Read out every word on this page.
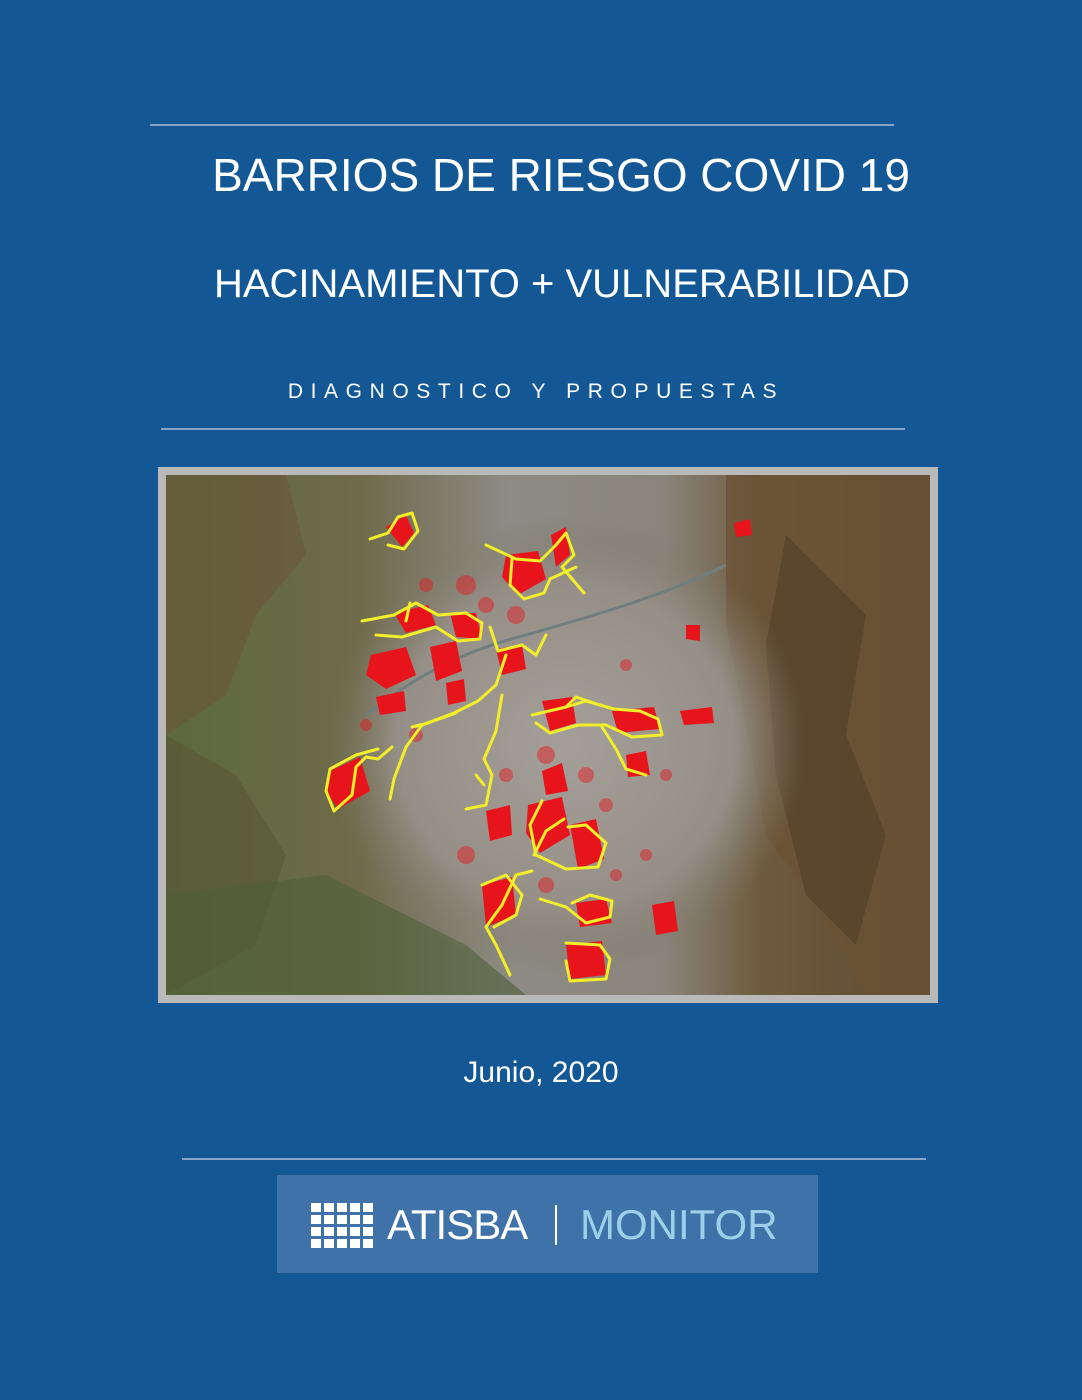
BARRIOS DE RIESGO COVID 19
HACINAMIENTO + VULNERABILIDAD
DIAGNOSTICO Y PROPUESTAS
Junio, 2020
ATISBA MONITOR
